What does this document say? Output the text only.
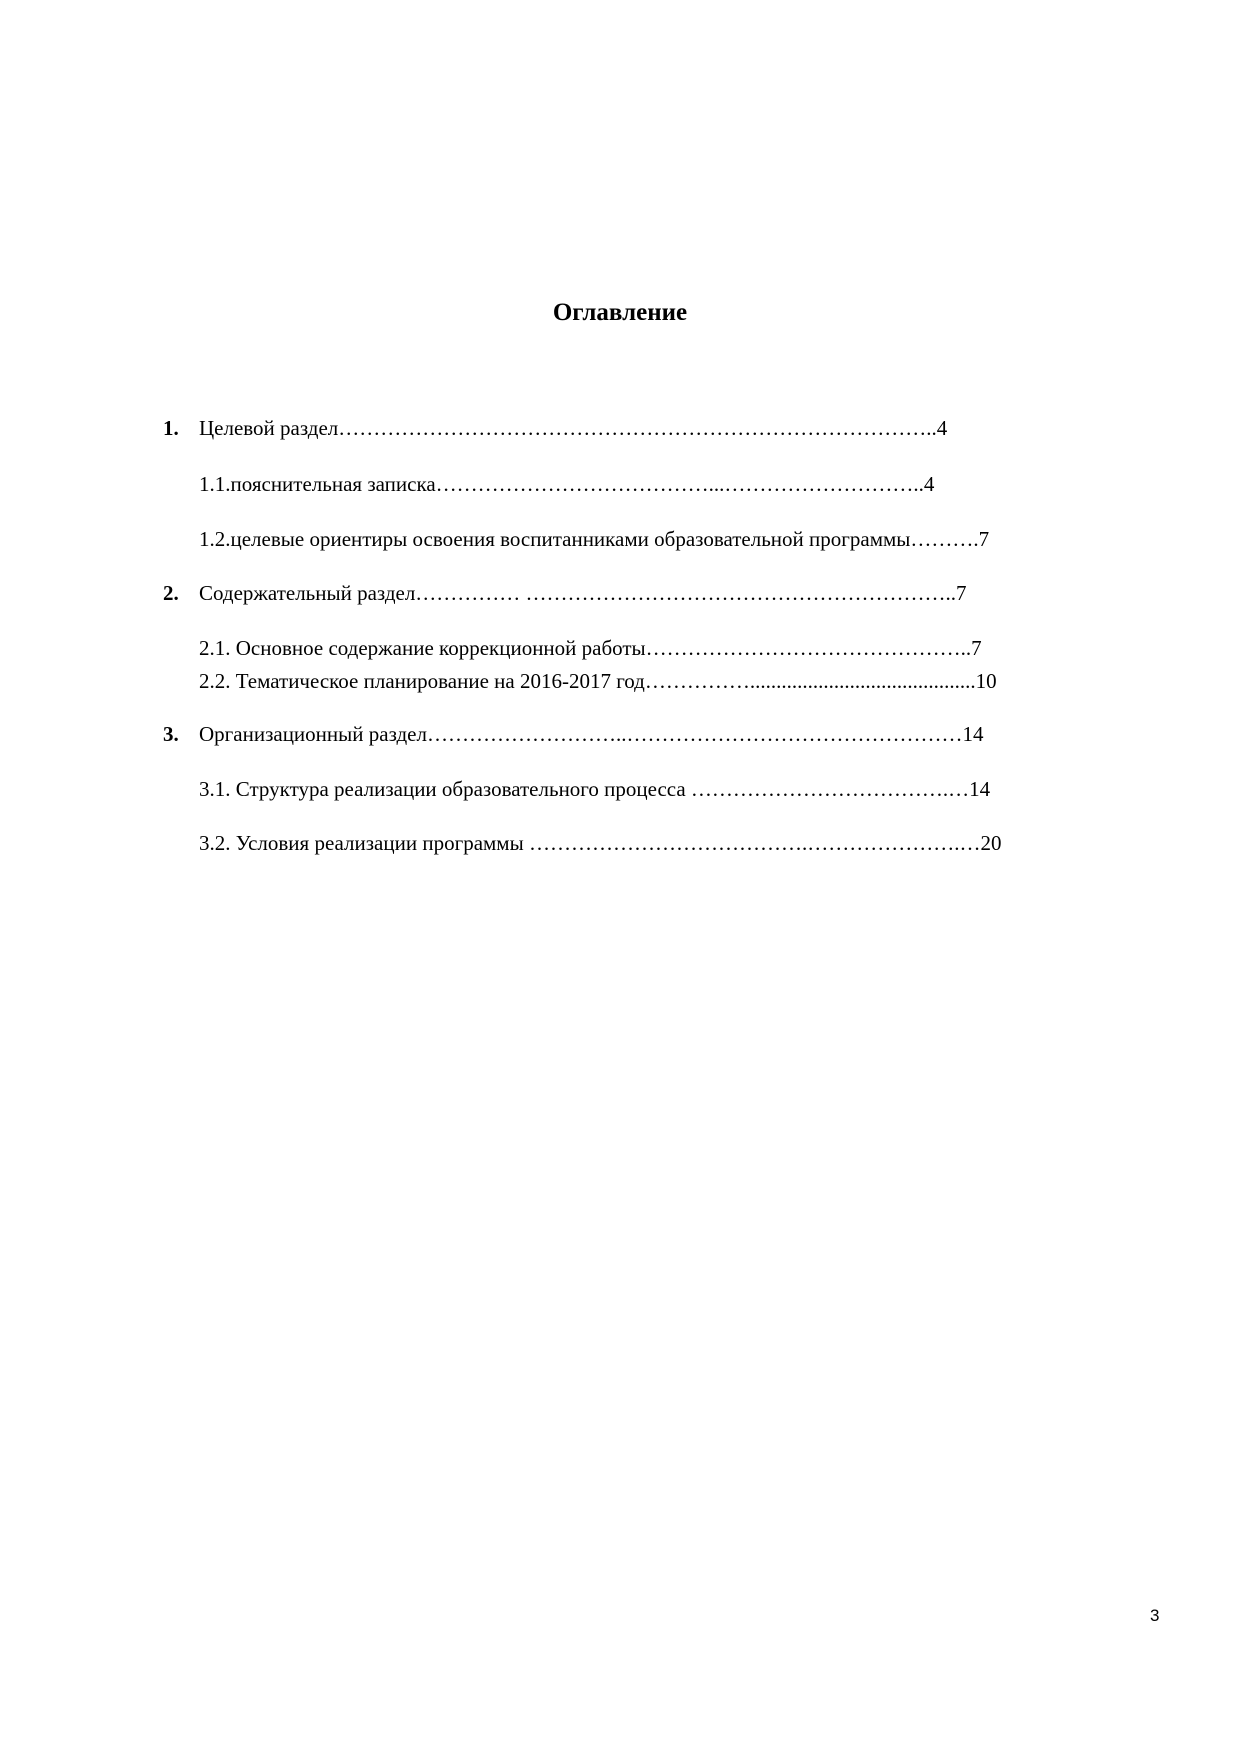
Оглавление
1. Целевой раздел…………………………………………………………………………..4
1.1.пояснительная записка…………………………………...………………………..4
1.2.целевые ориентиры освоения воспитанниками образовательной программы……….7
2. Содержательный раздел…………… ……………………………………………………..7
2.1. Основное содержание коррекционной работы………………………………………..7
2.2. Тематическое планирование на 2016-2017 год……………...........................................10
3. Организационный раздел………………………..…………………………………………14
3.1. Структура реализации образовательного процесса ……………………………….…14
3.2. Условия реализации программы ………………………………….………………….…20
3
